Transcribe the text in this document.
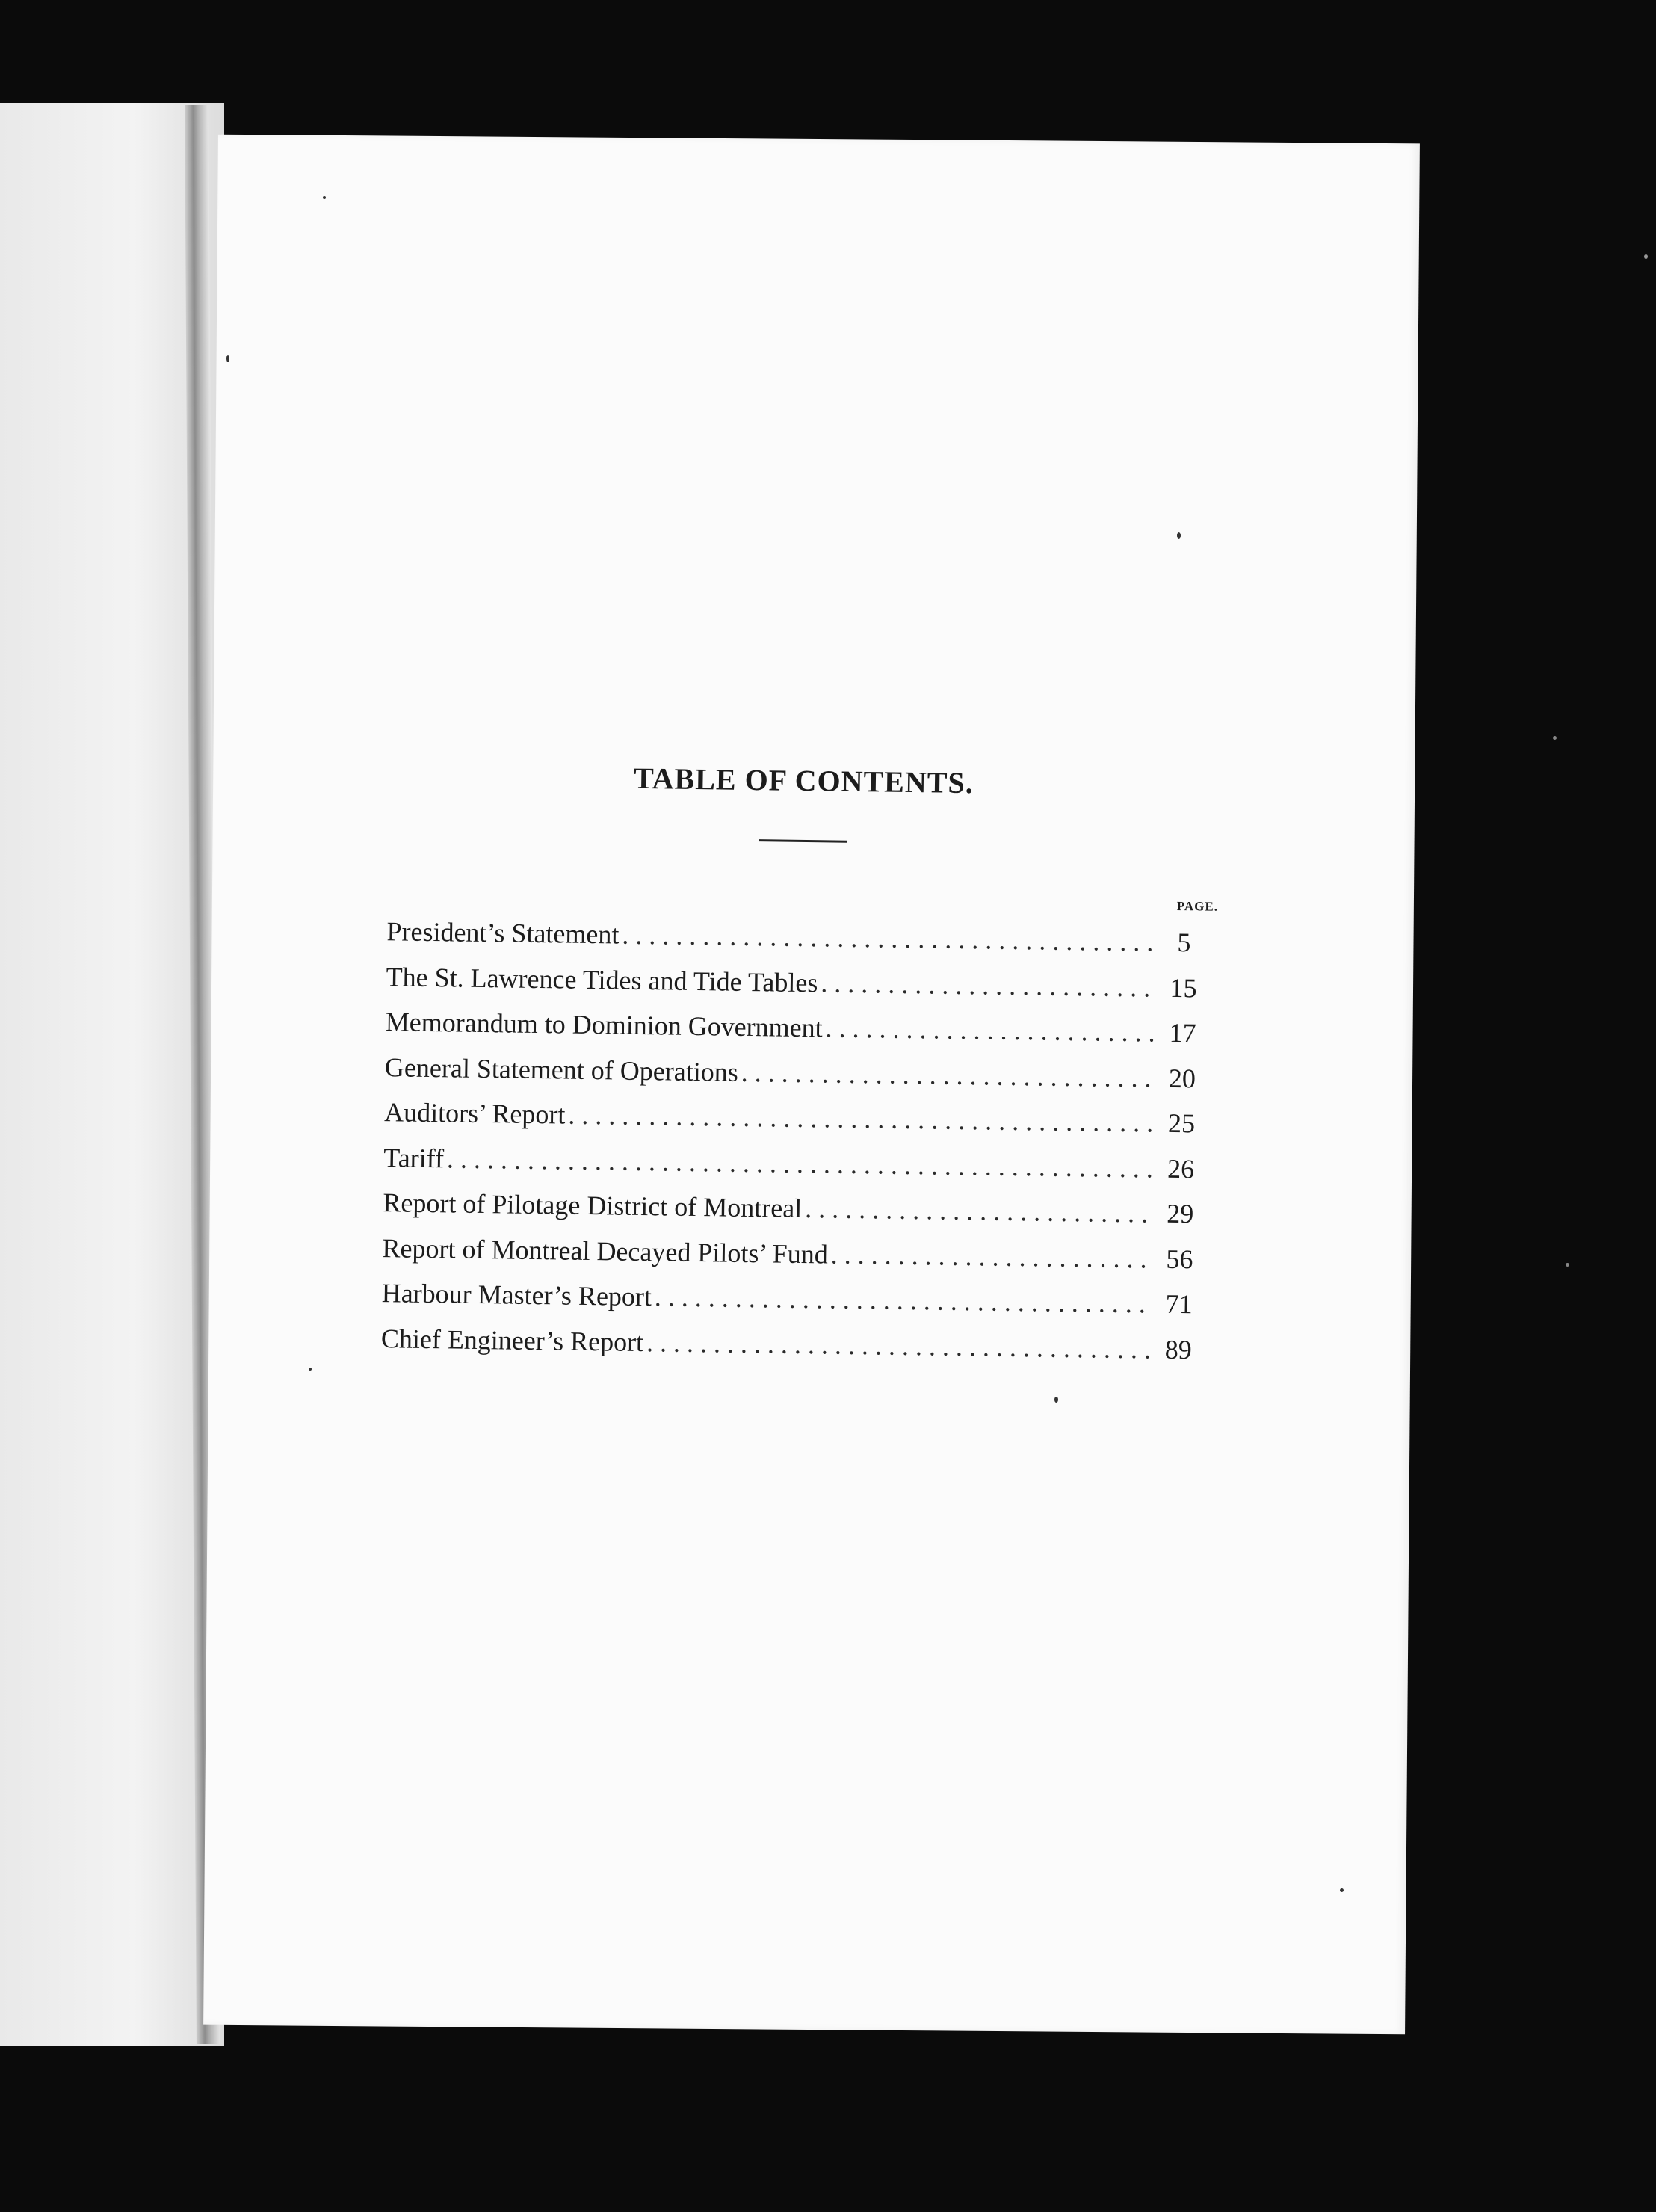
TABLE OF CONTENTS.
PAGE.
President’s Statement . . .	5
The St. Lawrence Tides and Tide Tables . . .	15
Memorandum to Dominion Government . . .	17
General Statement of Operations . . .	20
Auditors’ Report . . .	25
Tariff . . .	26
Report of Pilotage District of Montreal . . .	29
Report of Montreal Decayed Pilots’ Fund . . .	56
Harbour Master’s Report . . .	71
Chief Engineer’s Report . . .	89
